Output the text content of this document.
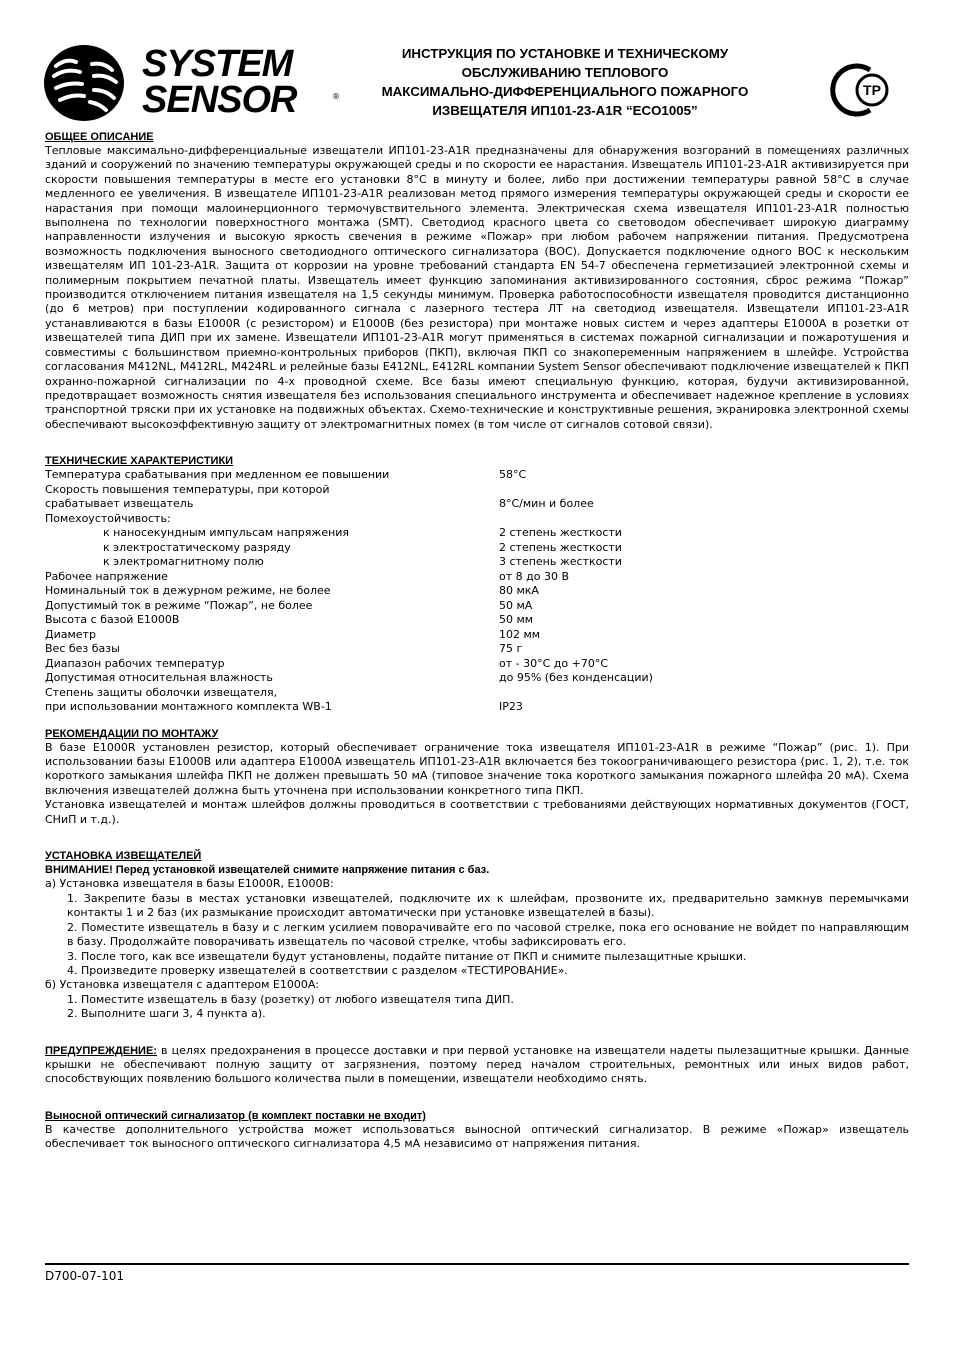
SYSTEM
SENSOR	®
ИНСТРУКЦИЯ ПО УСТАНОВКЕ И ТЕХНИЧЕСКОМУ
ОБСЛУЖИВАНИЮ ТЕПЛОВОГО
МАКСИМАЛЬНО-ДИФФЕРЕНЦИАЛЬНОГО ПОЖАРНОГО
ИЗВЕЩАТЕЛЯ ИП101-23-А1R “ECO1005”
ТР
ОБЩЕЕ ОПИСАНИЕ

Тепловые максимально-дифференциальные извещатели ИП101-23-А1R предназначены для обнаружения возгораний в помещениях различных зданий и сооружений по значению температуры окружающей среды и по скорости ее нарастания. Извещатель ИП101-23-А1R активизируется при скорости повышения температуры в месте его установки 8°С в минуту и более, либо при достижении температуры равной 58°С в случае медленного ее увеличения. В извещателе ИП101-23-А1R реализован метод прямого измерения температуры окружающей среды и скорости ее нарастания при помощи малоинерционного термочувствительного элемента. Электрическая схема извещателя ИП101-23-А1R полностью выполнена по технологии поверхностного монтажа (SMT). Светодиод красного цвета со световодом обеспечивает широкую диаграмму направленности излучения и высокую яркость свечения в режиме «Пожар» при любом рабочем напряжении питания. Предусмотрена возможность подключения выносного светодиодного оптического сигнализатора (ВОС). Допускается подключение одного ВОС к нескольким извещателям ИП 101-23-А1R. Защита от коррозии на уровне требований стандарта EN 54-7 обеспечена герметизацией электронной схемы и полимерным покрытием печатной платы. Извещатель имеет функцию запоминания активизированного состояния, сброс режима “Пожар” производится отключением питания извещателя на 1,5 секунды минимум. Проверка работоспособности извещателя проводится дистанционно (до 6 метров) при поступлении кодированного сигнала с лазерного тестера ЛТ на светодиод извещателя. Извещатели ИП101-23-А1R устанавливаются в базы E1000R (с резистором) и E1000B (без резистора) при монтаже новых систем и через адаптеры E1000A в розетки от извещателей типа ДИП при их замене. Извещатели ИП101-23-А1R могут применяться в системах пожарной сигнализации и пожаротушения и совместимы с большинством приемно-контрольных приборов (ПКП), включая ПКП со знакопеременным напряжением в шлейфе. Устройства согласования M412NL, M412RL, M424RL и релейные базы E412NL, E412RL компании System Sensor обеспечивают подключение извещателей к ПКП охранно-пожарной сигнализации по 4-х проводной схеме. Все базы имеют специальную функцию, которая, будучи активизированной, предотвращает возможность снятия извещателя без использования специального инструмента и обеспечивает надежное крепление в условиях транспортной тряски при их установке на подвижных объектах. Схемо-технические и конструктивные решения, экранировка электронной схемы обеспечивают высокоэффективную защиту от электромагнитных помех (в том числе от сигналов сотовой связи).

ТЕХНИЧЕСКИЕ ХАРАКТЕРИСТИКИ
Температура срабатывания при медленном ее повышении	58°С
Скорость повышения температуры, при которой
срабатывает извещатель	8°С/мин и более
Помехоустойчивость:
к наносекундным импульсам напряжения	2 степень жесткости
к электростатическому разряду	2 степень жесткости
к электромагнитному полю	3 степень жесткости
Рабочее напряжение	от 8 до 30 В
Номинальный ток в дежурном режиме, не более	80 мкА
Допустимый ток в режиме “Пожар”, не более	50 мА
Высота с базой E1000B	50 мм
Диаметр	102 мм
Вес без базы	75 г
Диапазон рабочих температур	от - 30°С до +70°С
Допустимая относительная влажность	до 95% (без конденсации)
Степень защиты оболочки извещателя,
при использовании монтажного комплекта WB-1	IP23
РЕКОМЕНДАЦИИ ПО МОНТАЖУ

В базе E1000R установлен резистор, который обеспечивает ограничение тока извещателя ИП101-23-А1R в режиме “Пожар” (рис. 1). При использовании базы E1000B или адаптера E1000A извещатель ИП101-23-А1R включается без токоограничивающего резистора (рис. 1, 2), т.е. ток короткого замыкания шлейфа ПКП не должен превышать 50 мА (типовое значение тока короткого замыкания пожарного шлейфа 20 мА). Схема включения извещателей должна быть уточнена при использовании конкретного типа ПКП.

Установка извещателей и монтаж шлейфов должны проводиться в соответствии с требованиями действующих нормативных документов (ГОСТ, СНиП и т.д.).

УСТАНОВКА ИЗВЕЩАТЕЛЕЙ
ВНИМАНИЕ! Перед установкой извещателей снимите напряжение питания с баз.
а) Установка извещателя в базы E1000R, E1000B:
1. Закрепите базы в местах установки извещателей, подключите их к шлейфам, прозвоните их, предварительно замкнув перемычками контакты 1 и 2 баз (их размыкание происходит автоматически при установке извещателей в базы).
2. Поместите извещатель в базу и с легким усилием поворачивайте его по часовой стрелке, пока его основание не войдет по направляющим в базу. Продолжайте поворачивать извещатель по часовой стрелке, чтобы зафиксировать его.
3. После того, как все извещатели будут установлены, подайте питание от ПКП и снимите пылезащитные крышки.
4. Произведите проверку извещателей в соответствии с разделом «ТЕСТИРОВАНИЕ».
б) Установка извещателя с адаптером E1000A:
1. Поместите извещатель в базу (розетку) от любого извещателя типа ДИП.
2. Выполните шаги 3, 4 пункта а).

ПРЕДУПРЕЖДЕНИЕ: в целях предохранения в процессе доставки и при первой установке на извещатели надеты пылезащитные крышки. Данные крышки не обеспечивают полную защиту от загрязнения, поэтому перед началом строительных, ремонтных или иных видов работ, способствующих появлению большого количества пыли в помещении, извещатели необходимо снять.

Выносной оптический сигнализатор (в комплект поставки не входит)

В качестве дополнительного устройства может использоваться выносной оптический сигнализатор. В режиме «Пожар» извещатель обеспечивает ток выносного оптического сигнализатора 4,5 мА независимо от напряжения питания.

D700-07-101
